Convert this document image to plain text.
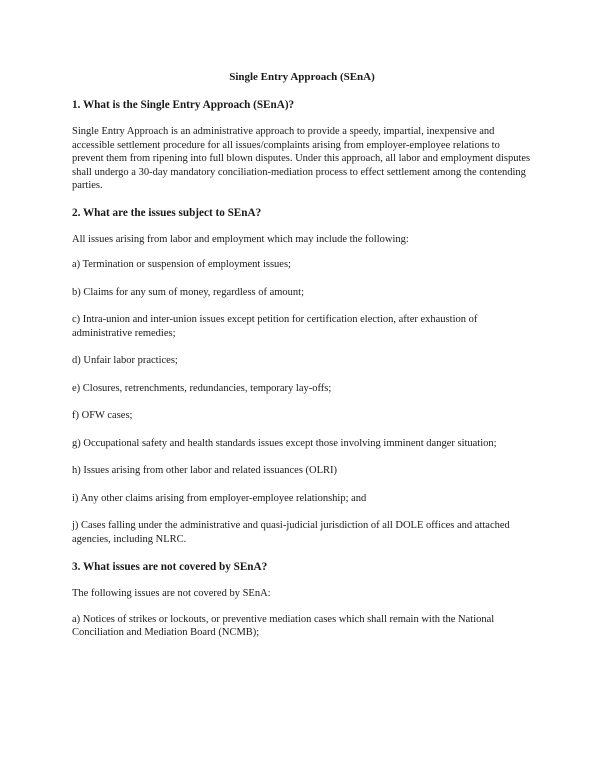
Single Entry Approach (SEnA)
1. What is the Single Entry Approach (SEnA)?
Single Entry Approach is an administrative approach to provide a speedy, impartial, inexpensive and accessible settlement procedure for all issues/complaints arising from employer-employee relations to prevent them from ripening into full blown disputes. Under this approach, all labor and employment disputes shall undergo a 30-day mandatory conciliation-mediation process to effect settlement among the contending parties.
2. What are the issues subject to SEnA?
All issues arising from labor and employment which may include the following:
a) Termination or suspension of employment issues;
b) Claims for any sum of money, regardless of amount;
c) Intra-union and inter-union issues except petition for certification election, after exhaustion of administrative remedies;
d) Unfair labor practices;
e) Closures, retrenchments, redundancies, temporary lay-offs;
f) OFW cases;
g) Occupational safety and health standards issues except those involving imminent danger situation;
h) Issues arising from other labor and related issuances (OLRI)
i) Any other claims arising from employer-employee relationship; and
j) Cases falling under the administrative and quasi-judicial jurisdiction of all DOLE offices and attached agencies, including NLRC.
3. What issues are not covered by SEnA?
The following issues are not covered by SEnA:
a) Notices of strikes or lockouts, or preventive mediation cases which shall remain with the National Conciliation and Mediation Board (NCMB);
